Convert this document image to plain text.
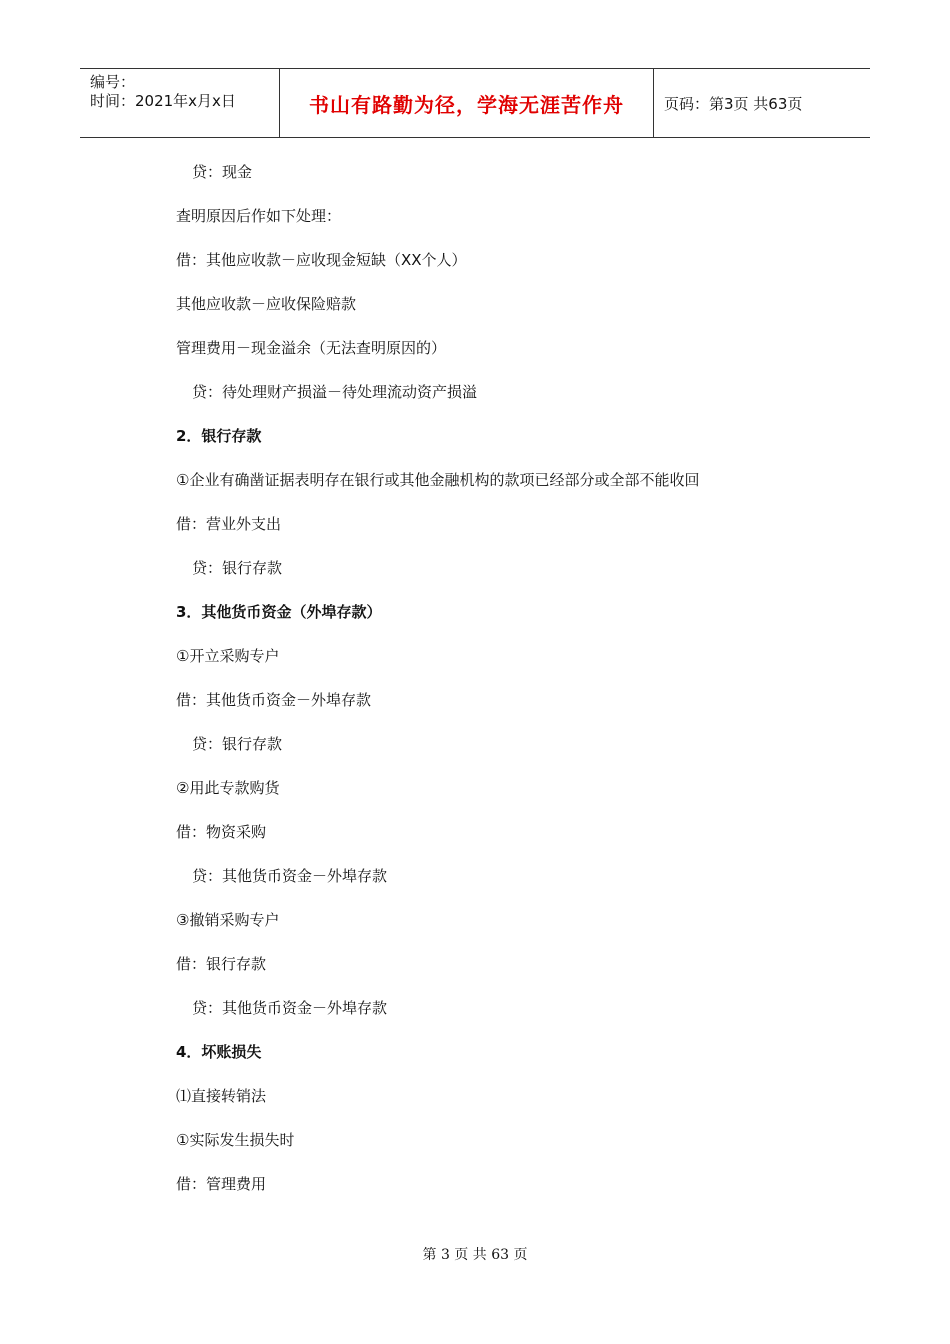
编号：
时间：2021年x月x日	书山有路勤为径，学海无涯苦作舟	页码：第3页 共63页
贷：现金
查明原因后作如下处理：
借：其他应收款－应收现金短缺（XX个人）
其他应收款－应收保险赔款
管理费用－现金溢余（无法查明原因的）
贷：待处理财产损溢－待处理流动资产损溢
2．银行存款
①企业有确凿证据表明存在银行或其他金融机构的款项已经部分或全部不能收回
借：营业外支出
贷：银行存款
3．其他货币资金（外埠存款）
①开立采购专户
借：其他货币资金－外埠存款
贷：银行存款
②用此专款购货
借：物资采购
贷：其他货币资金－外埠存款
③撤销采购专户
借：银行存款
贷：其他货币资金－外埠存款
4．坏账损失
⑴直接转销法
①实际发生损失时
借：管理费用
第 3 页 共 63 页
